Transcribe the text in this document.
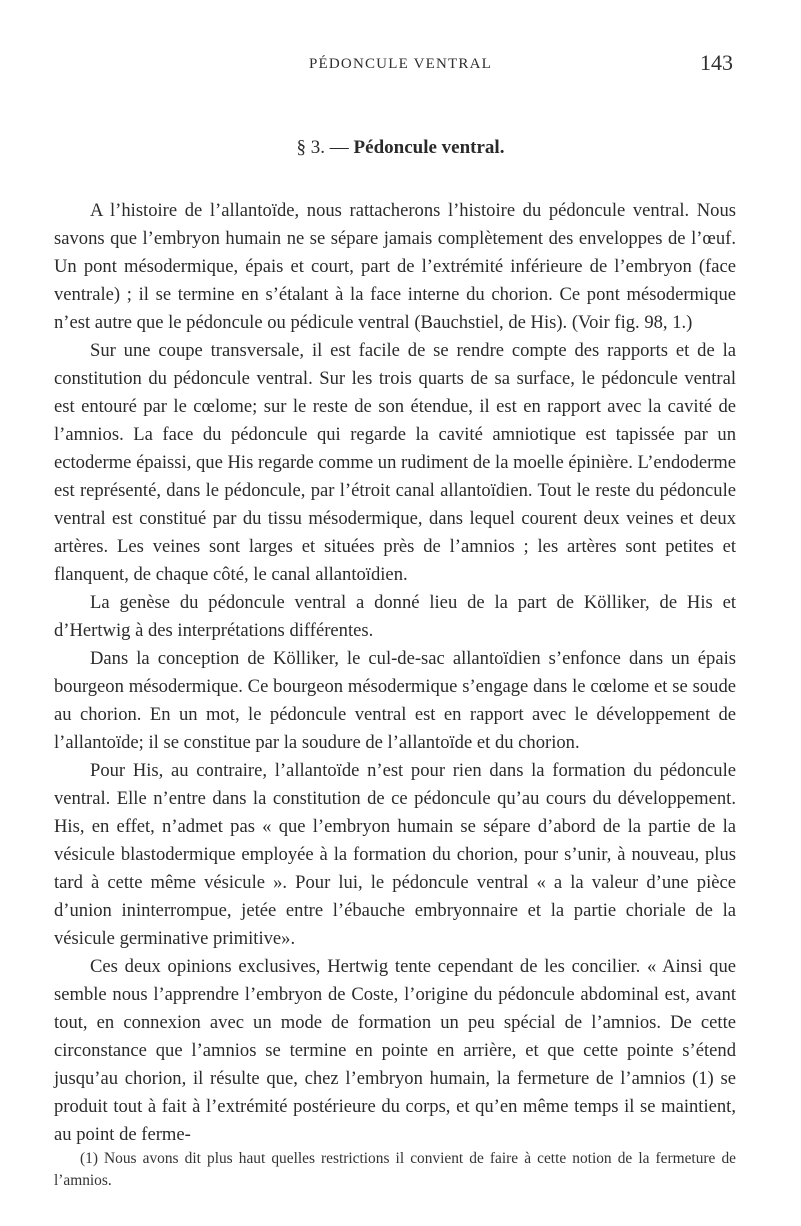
PÉDONCULE VENTRAL	143
§ 3. — Pédoncule ventral.

A l’histoire de l’allantoïde, nous rattacherons l’histoire du pédoncule ventral. Nous savons que l’embryon humain ne se sépare jamais complètement des enveloppes de l’œuf. Un pont mésodermique, épais et court, part de l’extrémité inférieure de l’embryon (face ventrale) ; il se termine en s’étalant à la face interne du chorion. Ce pont mésodermique n’est autre que le pédoncule ou pédicule ventral (Bauchstiel, de His). (Voir fig. 98, 1.)

Sur une coupe transversale, il est facile de se rendre compte des rapports et de la constitution du pédoncule ventral. Sur les trois quarts de sa surface, le pédoncule ventral est entouré par le cœlome; sur le reste de son étendue, il est en rapport avec la cavité de l’amnios. La face du pédoncule qui regarde la cavité amniotique est tapissée par un ectoderme épaissi, que His regarde comme un rudiment de la moelle épinière. L’endoderme est représenté, dans le pédoncule, par l’étroit canal allantoïdien. Tout le reste du pédoncule ventral est constitué par du tissu mésodermique, dans lequel courent deux veines et deux artères. Les veines sont larges et situées près de l’amnios ; les artères sont petites et flanquent, de chaque côté, le canal allantoïdien.

La genèse du pédoncule ventral a donné lieu de la part de Kölliker, de His et d’Hertwig à des interprétations différentes.

Dans la conception de Kölliker, le cul-de-sac allantoïdien s’enfonce dans un épais bourgeon mésodermique. Ce bourgeon mésodermique s’engage dans le cœlome et se soude au chorion. En un mot, le pédoncule ventral est en rapport avec le développement de l’allantoïde; il se constitue par la soudure de l’allantoïde et du chorion.

Pour His, au contraire, l’allantoïde n’est pour rien dans la formation du pédoncule ventral. Elle n’entre dans la constitution de ce pédoncule qu’au cours du développement. His, en effet, n’admet pas « que l’embryon humain se sépare d’abord de la partie de la vésicule blastodermique employée à la formation du chorion, pour s’unir, à nouveau, plus tard à cette même vésicule ». Pour lui, le pédoncule ventral « a la valeur d’une pièce d’union ininterrompue, jetée entre l’ébauche embryonnaire et la partie choriale de la vésicule germinative primitive».

Ces deux opinions exclusives, Hertwig tente cependant de les concilier. « Ainsi que semble nous l’apprendre l’embryon de Coste, l’origine du pédoncule abdominal est, avant tout, en connexion avec un mode de formation un peu spécial de l’amnios. De cette circonstance que l’amnios se termine en pointe en arrière, et que cette pointe s’étend jusqu’au chorion, il résulte que, chez l’embryon humain, la fermeture de l’amnios (1) se produit tout à fait à l’extrémité postérieure du corps, et qu’en même temps il se maintient, au point de ferme-

(1) Nous avons dit plus haut quelles restrictions il convient de faire à cette notion de la fermeture de l’amnios.
